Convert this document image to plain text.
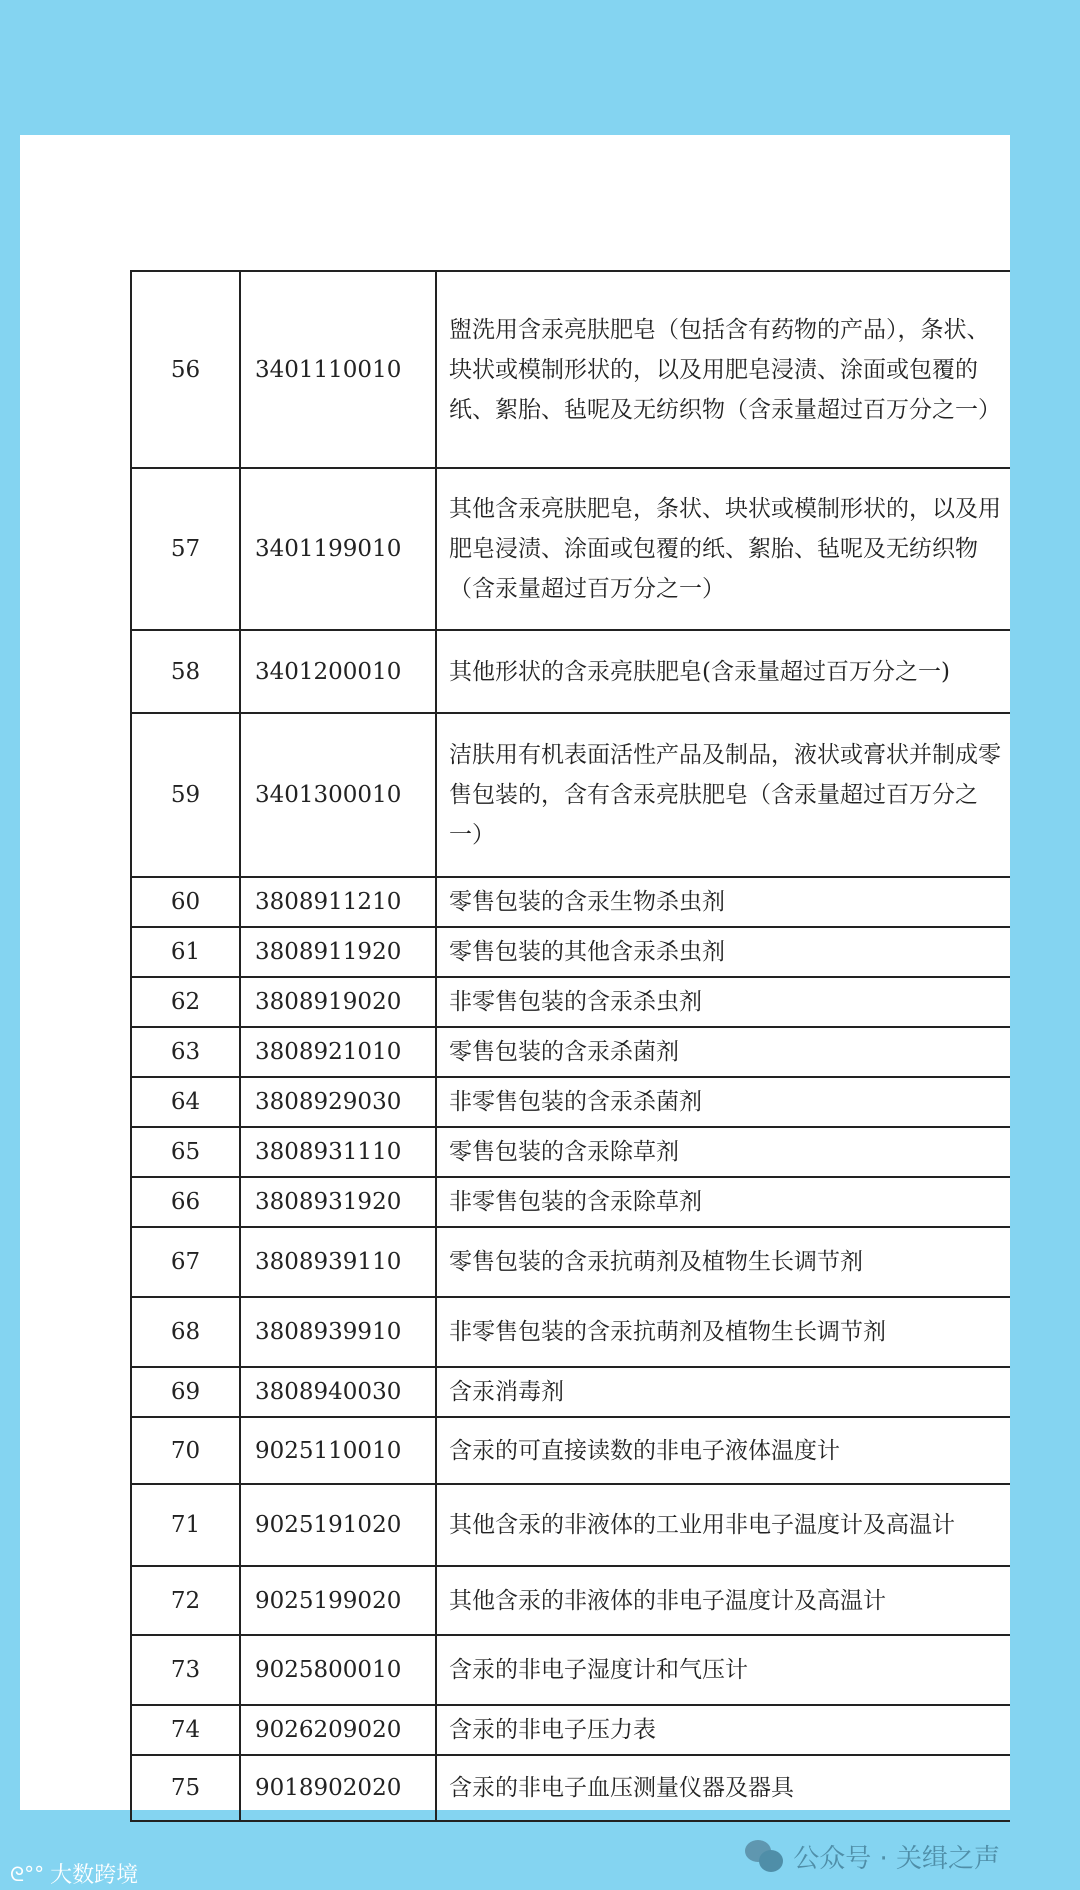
56	3401110010	盥洗用含汞亮肤肥皂（包括含有药物的产品），条状、块状或模制形状的，以及用肥皂浸渍、涂面或包覆的纸、絮胎、毡呢及无纺织物（含汞量超过百万分之一）
57	3401199010	其他含汞亮肤肥皂，条状、块状或模制形状的，以及用肥皂浸渍、涂面或包覆的纸、絮胎、毡呢及无纺织物（含汞量超过百万分之一）
58	3401200010	其他形状的含汞亮肤肥皂(含汞量超过百万分之一)
59	3401300010	洁肤用有机表面活性产品及制品，液状或膏状并制成零售包装的，含有含汞亮肤肥皂（含汞量超过百万分之一）
60	3808911210	零售包装的含汞生物杀虫剂
61	3808911920	零售包装的其他含汞杀虫剂
62	3808919020	非零售包装的含汞杀虫剂
63	3808921010	零售包装的含汞杀菌剂
64	3808929030	非零售包装的含汞杀菌剂
65	3808931110	零售包装的含汞除草剂
66	3808931920	非零售包装的含汞除草剂
67	3808939110	零售包装的含汞抗萌剂及植物生长调节剂
68	3808939910	非零售包装的含汞抗萌剂及植物生长调节剂
69	3808940030	含汞消毒剂
70	9025110010	含汞的可直接读数的非电子液体温度计
71	9025191020	其他含汞的非液体的工业用非电子温度计及高温计
72	9025199020	其他含汞的非液体的非电子温度计及高温计
73	9025800010	含汞的非电子湿度计和气压计
74	9026209020	含汞的非电子压力表
75	9018902020	含汞的非电子血压测量仪器及器具
公众号 · 关缉之声
ᘓ°° 大数跨境
